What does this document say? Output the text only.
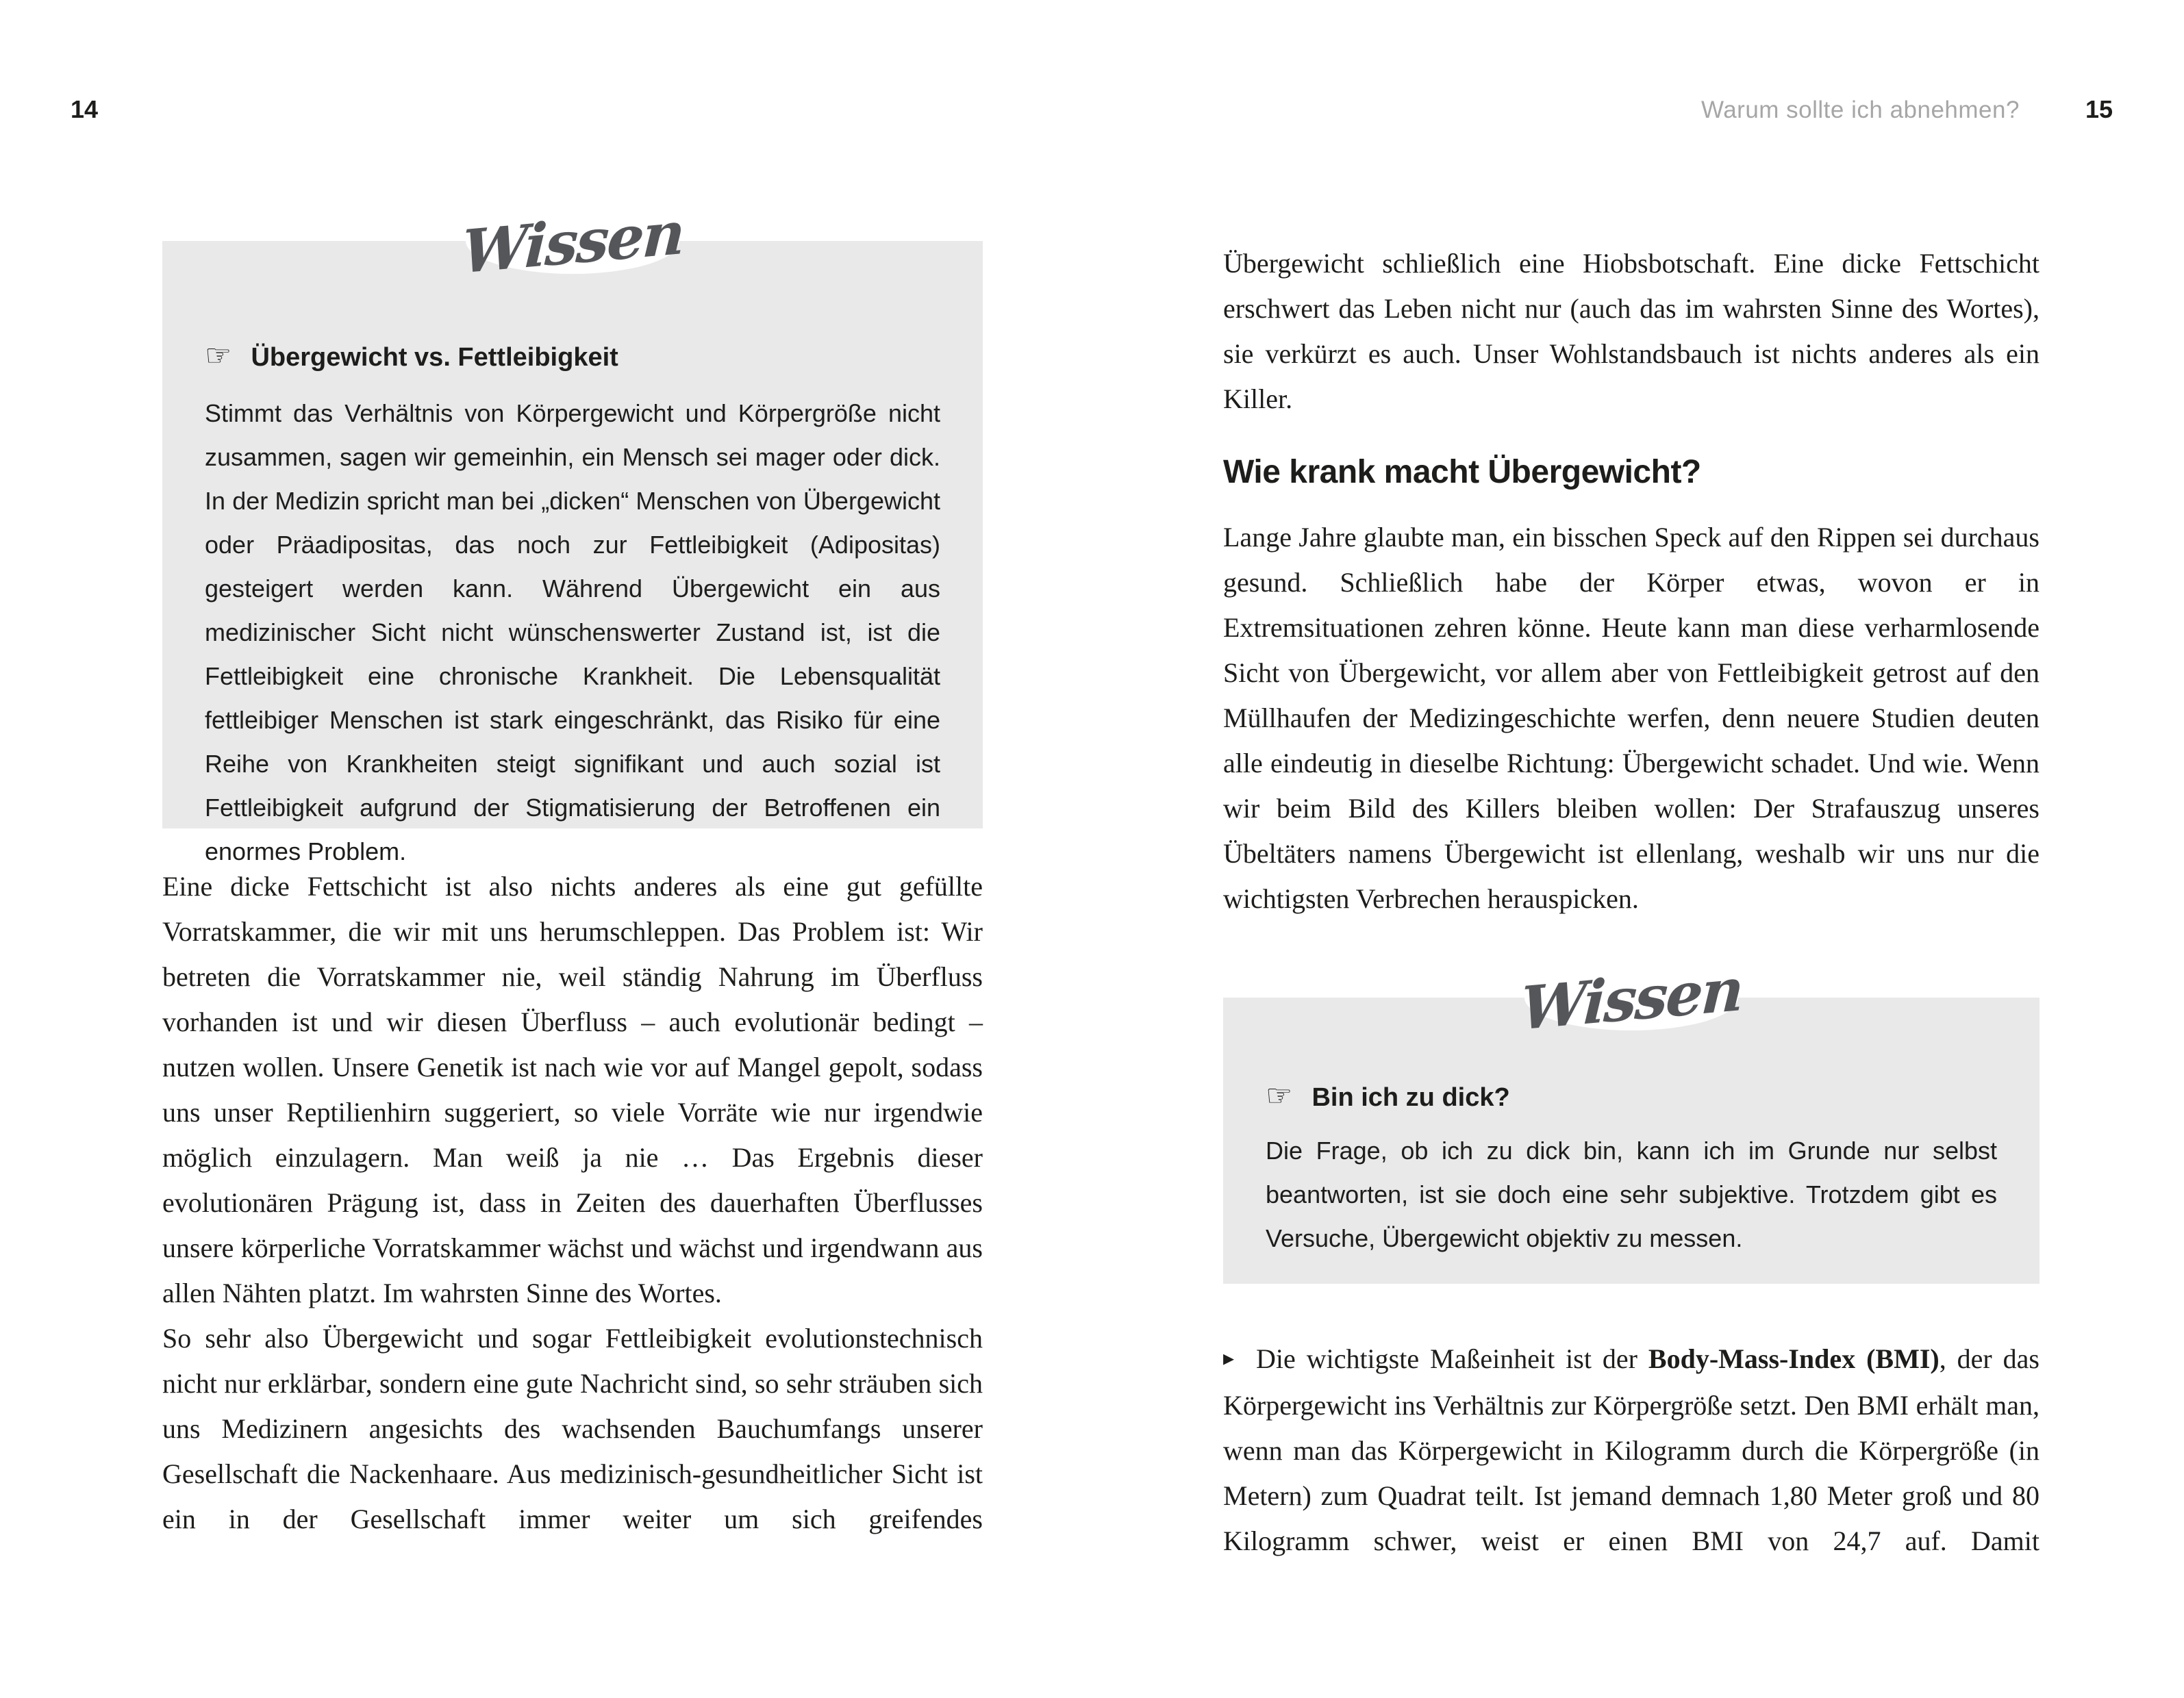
14	Warum sollte ich abnehmen?	15
Wissen
☞ Übergewicht vs. Fettleibigkeit

Stimmt das Verhältnis von Körpergewicht und Körpergröße nicht zusammen, sagen wir gemeinhin, ein Mensch sei mager oder dick. In der Medizin spricht man bei „dicken“ Menschen von Übergewicht oder Präadipositas, das noch zur Fettleibigkeit (Adipositas) gesteigert werden kann. Während Übergewicht ein aus medizinischer Sicht nicht wünschenswerter Zustand ist, ist die Fettleibigkeit eine chronische Krankheit. Die Lebensqualität fettleibiger Menschen ist stark eingeschränkt, das Risiko für eine Reihe von Krankheiten steigt signifikant und auch sozial ist Fettleibigkeit aufgrund der Stigmatisierung der Betroffenen ein enormes Problem.

Eine dicke Fettschicht ist also nichts anderes als eine gut gefüllte Vorratskammer, die wir mit uns herumschleppen. Das Problem ist: Wir betreten die Vorratskammer nie, weil ständig Nahrung im Überfluss vorhanden ist und wir diesen Überfluss – auch evolutionär bedingt – nutzen wollen. Unsere Genetik ist nach wie vor auf Mangel gepolt, sodass uns unser Reptilienhirn suggeriert, so viele Vorräte wie nur irgendwie möglich einzulagern. Man weiß ja nie … Das Ergebnis dieser evolutionären Prägung ist, dass in Zeiten des dauerhaften Überflusses unsere körperliche Vorratskammer wächst und wächst und irgendwann aus allen Nähten platzt. Im wahrsten Sinne des Wortes.

So sehr also Übergewicht und sogar Fettleibigkeit evolutionstechnisch nicht nur erklärbar, sondern eine gute Nachricht sind, so sehr sträuben sich uns Medizinern angesichts des wachsenden Bauchumfangs unserer Gesellschaft die Nackenhaare. Aus medizinisch-gesundheitlicher Sicht ist ein in der Gesellschaft immer weiter um sich greifendes

Übergewicht schließlich eine Hiobsbotschaft. Eine dicke Fettschicht erschwert das Leben nicht nur (auch das im wahrsten Sinne des Wortes), sie verkürzt es auch. Unser Wohlstandsbauch ist nichts anderes als ein Killer.

Wie krank macht Übergewicht?

Lange Jahre glaubte man, ein bisschen Speck auf den Rippen sei durchaus gesund. Schließlich habe der Körper etwas, wovon er in Extremsituationen zehren könne. Heute kann man diese verharmlosende Sicht von Übergewicht, vor allem aber von Fettleibigkeit getrost auf den Müllhaufen der Medizingeschichte werfen, denn neuere Studien deuten alle eindeutig in dieselbe Richtung: Übergewicht schadet. Und wie. Wenn wir beim Bild des Killers bleiben wollen: Der Strafauszug unseres Übeltäters namens Übergewicht ist ellenlang, weshalb wir uns nur die wichtigsten Verbrechen herauspicken.

Wissen
☞ Bin ich zu dick?

Die Frage, ob ich zu dick bin, kann ich im Grunde nur selbst beantworten, ist sie doch eine sehr subjektive. Trotzdem gibt es Versuche, Übergewicht objektiv zu messen.

▸ Die wichtigste Maßeinheit ist der Body-Mass-Index (BMI), der das Körpergewicht ins Verhältnis zur Körpergröße setzt. Den BMI erhält man, wenn man das Körpergewicht in Kilogramm durch die Körpergröße (in Metern) zum Quadrat teilt. Ist jemand demnach 1,80 Meter groß und 80 Kilogramm schwer, weist er einen BMI von 24,7 auf. Damit
